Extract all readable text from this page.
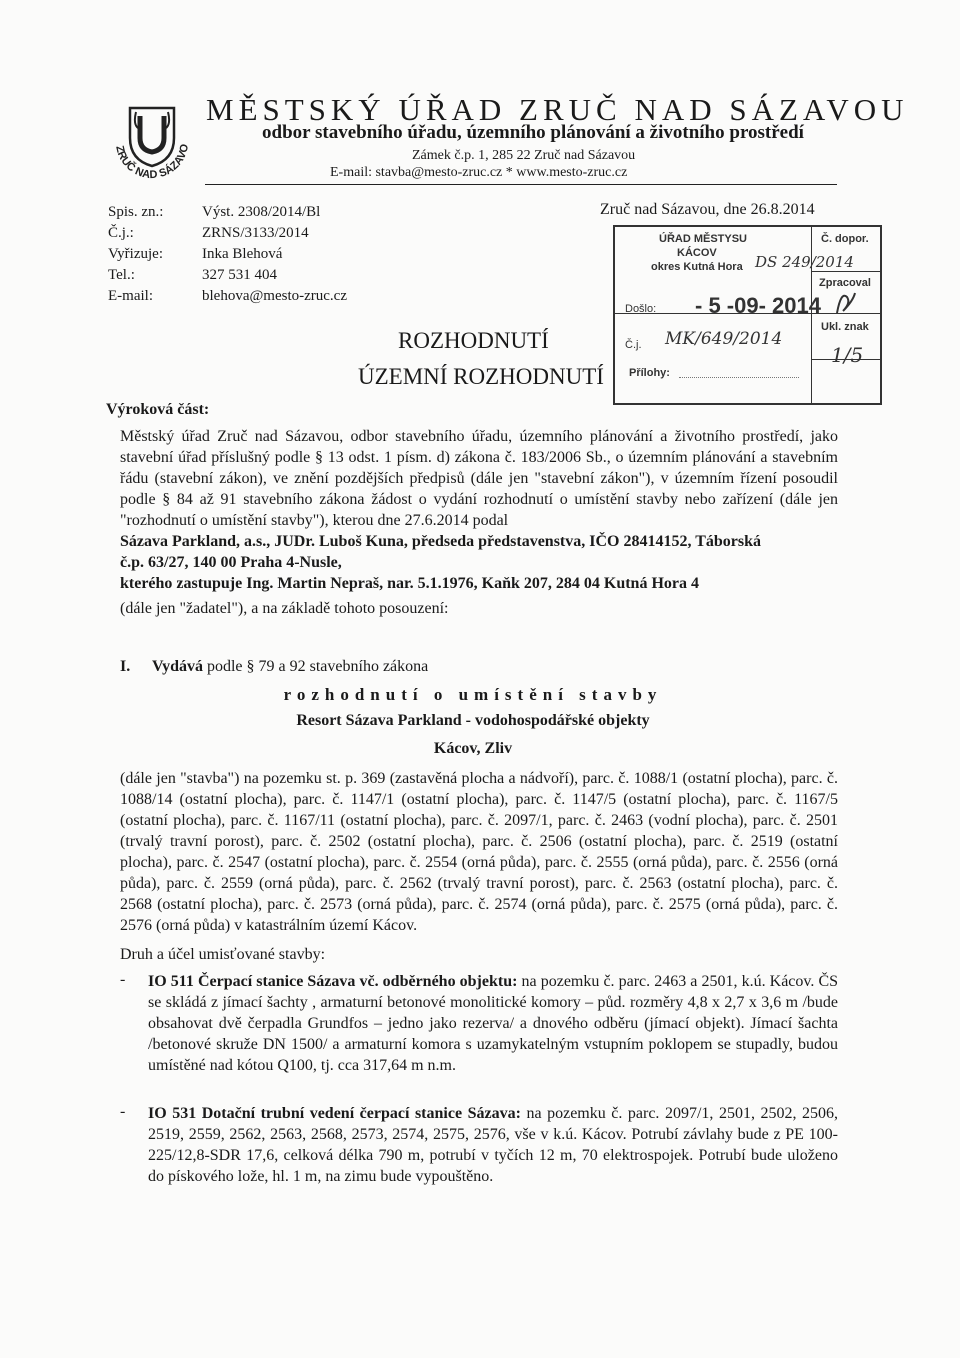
ZRUČ NAD SÁZAVO
MĚSTSKÝ ÚŘAD ZRUČ NAD SÁZAVOU
odbor stavebního úřadu, územního plánování a životního prostředí
Zámek č.p. 1, 285 22 Zruč nad Sázavou
E-mail: stavba@mesto-zruc.cz * www.mesto-zruc.cz
Spis. zn.:	Výst. 2308/2014/Bl
Č.j.:	ZRNS/3133/2014
Vyřizuje:	Inka Blehová
Tel.:	327 531 404
E-mail:	blehova@mesto-zruc.cz
Zruč nad Sázavou, dne 26.8.2014
ÚŘAD MĚSTYSU
KÁCOV
okres Kutná Hora
Č. dopor.
DS 249/2014
Zpracoval
Došlo: - 5 -09- 2014
Č.j. MK/649/2014
Ukl. znak
1/5
Přílohy:
ROZHODNUTÍ
ÚZEMNÍ ROZHODNUTÍ
Výroková část:
Městský úřad Zruč nad Sázavou, odbor stavebního úřadu, územního plánování a životního prostředí, jako stavební úřad příslušný podle § 13 odst. 1 písm. d) zákona č. 183/2006 Sb., o územním plánování a stavebním řádu (stavební zákon), ve znění pozdějších předpisů (dále jen "stavební zákon"), v územním řízení posoudil podle § 84 až 91 stavebního zákona žádost o vydání rozhodnutí o umístění stavby nebo zařízení (dále jen "rozhodnutí o umístění stavby"), kterou dne 27.6.2014 podal
Sázava Parkland, a.s., JUDr. Luboš Kuna, předseda představenstva, IČO 28414152, Táborská
č.p. 63/27, 140 00 Praha 4-Nusle,
kterého zastupuje Ing. Martin Nepraš, nar. 5.1.1976, Kaňk 207, 284 04 Kutná Hora 4
(dále jen "žadatel"), a na základě tohoto posouzení:
I. Vydává podle § 79 a 92 stavebního zákona
rozhodnutí o umístění stavby
Resort Sázava Parkland - vodohospodářské objekty
Kácov, Zliv
(dále jen "stavba") na pozemku st. p. 369 (zastavěná plocha a nádvoří), parc. č. 1088/1 (ostatní plocha), parc. č. 1088/14 (ostatní plocha), parc. č. 1147/1 (ostatní plocha), parc. č. 1147/5 (ostatní plocha), parc. č. 1167/5 (ostatní plocha), parc. č. 1167/11 (ostatní plocha), parc. č. 2097/1, parc. č. 2463 (vodní plocha), parc. č. 2501 (trvalý travní porost), parc. č. 2502 (ostatní plocha), parc. č. 2506 (ostatní plocha), parc. č. 2519 (ostatní plocha), parc. č. 2547 (ostatní plocha), parc. č. 2554 (orná půda), parc. č. 2555 (orná půda), parc. č. 2556 (orná půda), parc. č. 2559 (orná půda), parc. č. 2562 (trvalý travní porost), parc. č. 2563 (ostatní plocha), parc. č. 2568 (ostatní plocha), parc. č. 2573 (orná půda), parc. č. 2574 (orná půda), parc. č. 2575 (orná půda), parc. č. 2576 (orná půda) v katastrálním území Kácov.
Druh a účel umisťované stavby:
- IO 511 Čerpací stanice Sázava vč. odběrného objektu: na pozemku č. parc. 2463 a 2501, k.ú. Kácov. ČS se skládá z jímací šachty , armaturní betonové monolitické komory – půd. rozměry 4,8 x 2,7 x 3,6 m /bude obsahovat dvě čerpadla Grundfos – jedno jako rezerva/ a dnového odběru (jímací objekt). Jímací šachta /betonové skruže DN 1500/ a armaturní komora s uzamykatelným vstupním poklopem se stupadly, budou umístěné nad kótou Q100, tj. cca 317,64 m n.m.
- IO 531 Dotační trubní vedení čerpací stanice Sázava: na pozemku č. parc. 2097/1, 2501, 2502, 2506, 2519, 2559, 2562, 2563, 2568, 2573, 2574, 2575, 2576, vše v k.ú. Kácov. Potrubí závlahy bude z PE 100-225/12,8-SDR 17,6, celková délka 790 m, potrubí v tyčích 12 m, 70 elektrospojek. Potrubí bude uloženo do pískového lože, hl. 1 m, na zimu bude vypouštěno.
